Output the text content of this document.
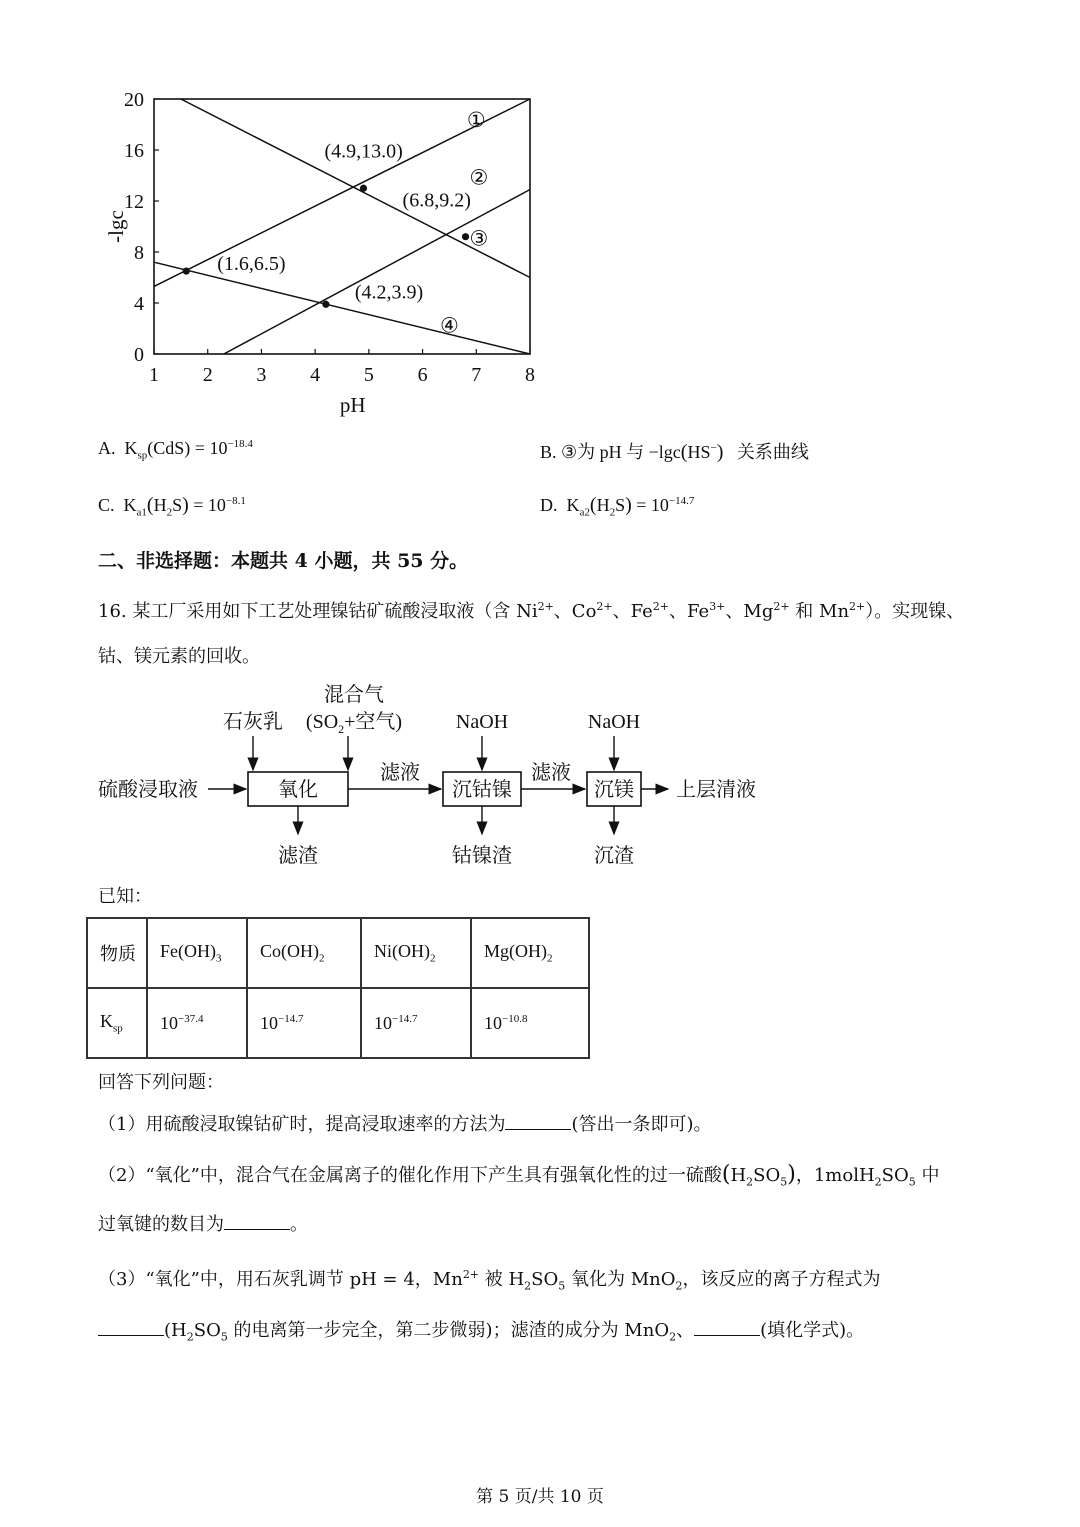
1 2 3 4 5 6 7 8
0
4
8
12
16
20
pH
-lgc
①
②
③
④
(4.9,13.0)
(6.8,9.2)
(1.6,6.5)
(4.2,3.9)
A. $K_{sp}(CdS) = 10^{-18.4}$	B. ③为 pH 与 −lgc(HS−) 关系曲线
C. $K_{a1}(H_2S) = 10^{-8.1}$	D. $K_{a2}(H_2S) = 10^{-14.7}$
二、非选择题：本题共 4 小题，共 55 分。
16. 某工厂采用如下工艺处理镍钴矿硫酸浸取液（含 $Ni^{2+}$、$Co^{2+}$、$Fe^{2+}$、$Fe^{3+}$、$Mg^{2+}$ 和 $Mn^{2+}$）。实现镍、
钴、镁元素的回收。
氧化	沉钴镍	沉镁
硫酸浸取液
滤液	滤液
上层清液
石灰乳
混合气
($SO_2+$空气)	NaOH	NaOH
滤渣	钴镍渣	沉渣
已知：
物质	$Fe(OH)_3$	$Co(OH)_2$	$Ni(OH)_2$	$Mg(OH)_2$
$K_{sp}$	$10^{-37.4}$	$10^{-14.7}$	$10^{-14.7}$	$10^{-10.8}$
回答下列问题：
（1）用硫酸浸取镍钴矿时，提高浸取速率的方法为	(答出一条即可)。
（2）“氧化”中，混合气在金属离子的催化作用下产生具有强氧化性的过一硫酸$(H_2SO_5)$，$1molH_2SO_5$ 中
过氧键的数目为	。
（3）“氧化”中，用石灰乳调节 pH = 4，$Mn^{2+}$ 被 $H_2SO_5$ 氧化为 MnO$_2$，该反应的离子方程式为
($H_2SO_5$ 的电离第一步完全，第二步微弱)；滤渣的成分为 MnO$_2$、	(填化学式)。
第 5 页/共 10 页
